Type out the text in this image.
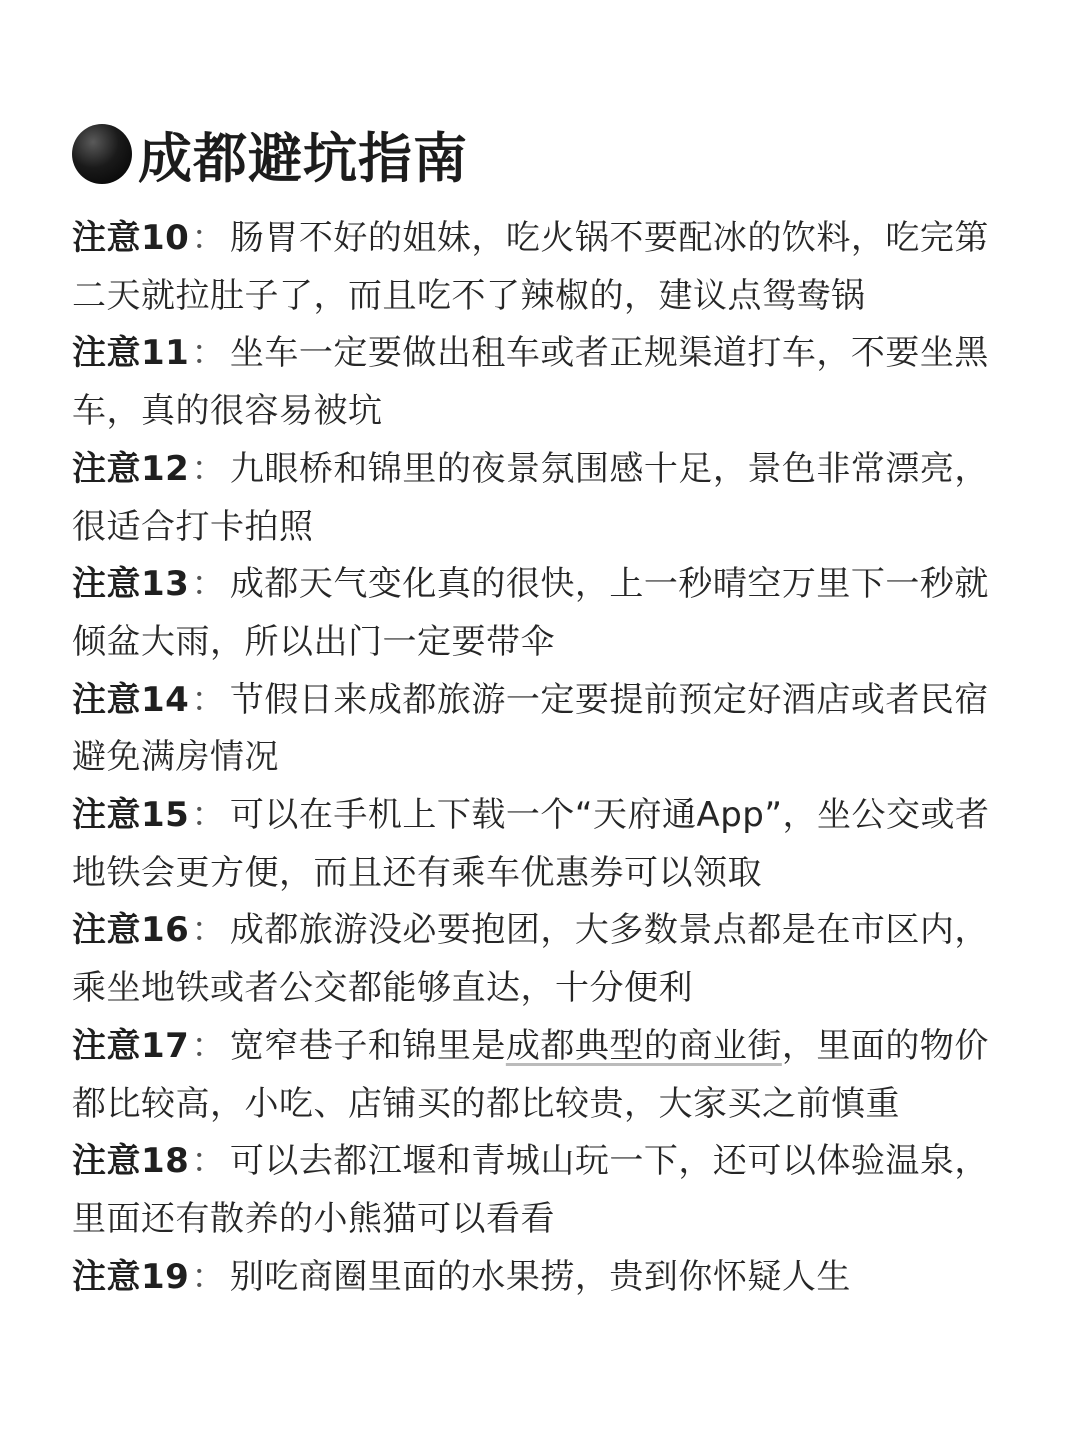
成都避坑指南
注意10： 肠胃不好的姐妹，吃火锅不要配冰的饮料，吃完第二天就拉肚子了，而且吃不了辣椒的，建议点鸳鸯锅
注意11： 坐车一定要做出租车或者正规渠道打车，不要坐黑车，真的很容易被坑
注意12： 九眼桥和锦里的夜景氛围感十足，景色非常漂亮，很适合打卡拍照
注意13： 成都天气变化真的很快，上一秒晴空万里下一秒就倾盆大雨，所以出门一定要带伞
注意14： 节假日来成都旅游一定要提前预定好酒店或者民宿避免满房情况
注意15： 可以在手机上下载一个“天府通App”，坐公交或者地铁会更方便，而且还有乘车优惠券可以领取
注意16： 成都旅游没必要抱团，大多数景点都是在市区内，乘坐地铁或者公交都能够直达，十分便利
注意17： 宽窄巷子和锦里是成都典型的商业街，里面的物价都比较高，小吃、店铺买的都比较贵，大家买之前慎重
注意18： 可以去都江堰和青城山玩一下，还可以体验温泉，里面还有散养的小熊猫可以看看
注意19： 别吃商圈里面的水果捞，贵到你怀疑人生
